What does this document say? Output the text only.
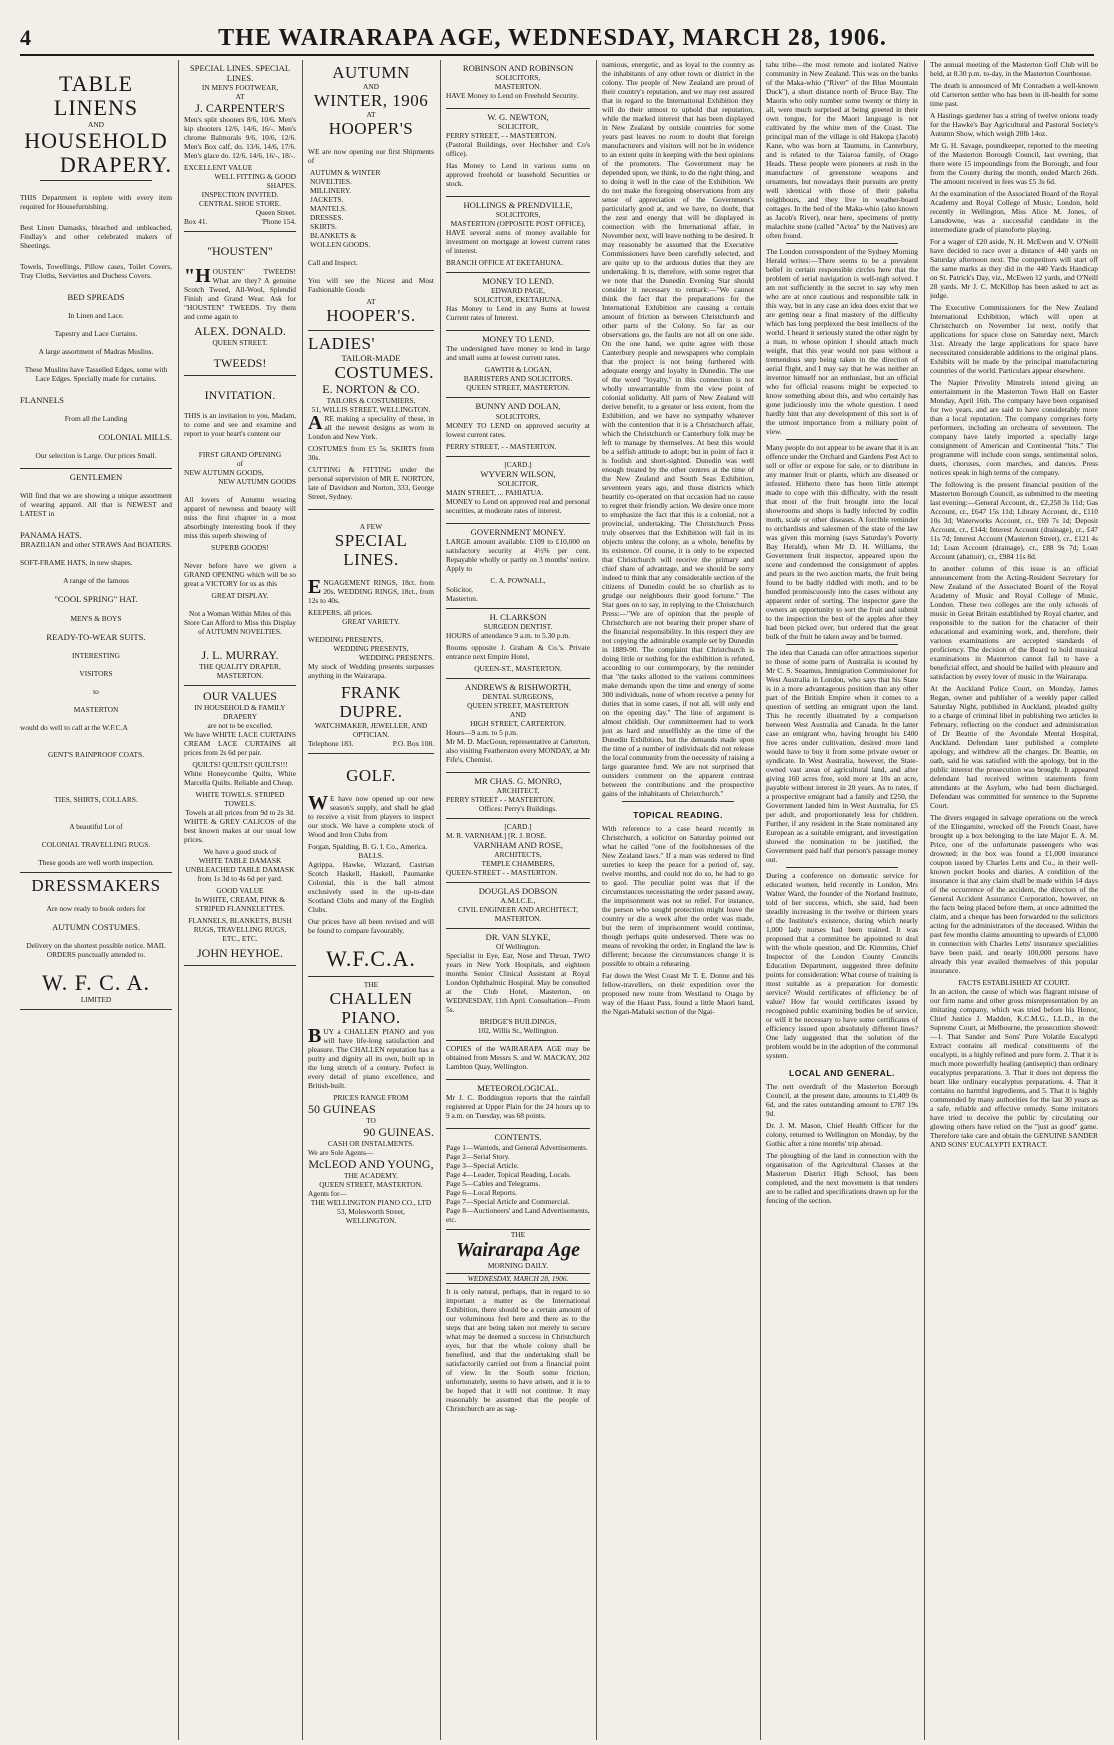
4	THE WAIRARAPA AGE, WEDNESDAY, MARCH 28, 1906.
TABLE LINENS
AND
HOUSEHOLD
DRAPERY.

THIS Department is replete with every item required for Housefurnishing.

Best Linen Damasks, bleached and unbleached, Findlay's and other celebrated makers of Sheetings.

Towels, Towellings, Pillow cases, Toilet Covers, Tray Cloths, Serviettes and Duchess Covers.

BED SPREADS
In Linen and Lace.
Tapestry and Lace Curtains.
A large assortment of Madras Muslins.

These Muslins have Tasselled Edges, some with Lace Edges. Specially made for curtains.

FLANNELS
From all the Landing
COLONIAL MILLS.

Our selection is Large. Our prices Small.

GENTLEMEN

Will find that we are showing a unique assortment of wearing apparel. All that is NEWEST and LATEST in

PANAMA HATS.
BRAZILIAN and other STRAWS And BOATERS.
SOFT-FRAME HATS, in new shapes.
A range of the famous
"COOL SPRING" HAT.
MEN'S & BOYS
READY-TO-WEAR SUITS.
INTERESTING
VISITORS
to
MASTERTON
would do well to call at the W.F.C.A
GENT'S RAINPROOF COATS.
TIES, SHIRTS, COLLARS.
A beautiful Lot of
COLONIAL TRAVELLING RUGS.
These goods are well worth inspection.
DRESSMAKERS
Are now ready to book orders for
AUTUMN COSTUMES.

Delivery on the shortest possible notice. MAIL ORDERS punctually attended to.

W. F. C. A.
LIMITED
SPECIAL LINES. SPECIAL LINES.
IN MEN'S FOOTWEAR,
AT
J. CARPENTER'S

Men's split shooters 8/6, 10/6. Men's kip shooters 12/6, 14/6, 16/-. Men's chrome Balmorals 9/6, 10/6, 12/6. Men's Box calf, do. 13/6, 14/6, 17/6. Men's glace do. 12/6, 14/6, 16/-, 18/-.

EXCELLENT VALUE
WELL FITTING & GOOD SHAPES.
INSPECTION INVITED.
CENTRAL SHOE STORE.
Queen Street.
Box 41.	'Phone 154.
"HOUSTEN"

"HOUSTEN" TWEEDS! What are they? A genuine Scotch Tweed, All-Wool, Splendid Finish and Grand Wear. Ask for "HOUSTEN" TWEEDS. Try them and come again to

ALEX. DONALD.
QUEEN STREET.
TWEEDS!
INVITATION.

THIS is an invitation to you, Madam, to come and see and examine and report to your heart's content our

FIRST GRAND OPENING
of
NEW AUTUMN GOODS,
NEW AUTUMN GOODS

All lovers of Autumn wearing apparel of newness and beauty will miss the first chapter in a most absorbingly interesting book if they miss this superb showing of

SUPERB GOODS!

Never before have we given a GRAND OPENING which will be so great a VICTORY for us as this

GREAT DISPLAY.

Not a Woman Within Miles of this Store Can Afford to Miss this Display of AUTUMN NOVELTIES.

J. L. MURRAY.
THE QUALITY DRAPER,
MASTERTON.
OUR VALUES
IN HOUSEHOLD & FAMILY DRAPERY
are not to be excelled.

We have WHITE LACE CURTAINS CREAM LACE CURTAINS all prices from 2s 6d per pair.

QUILTS! QUILTS!! QUILTS!!!

White Honeycombe Quilts, White Marcella Quilts. Reliable and Cheap.

WHITE TOWELS. STRIPED TOWELS.
Towels at all prices from 9d to 2s 3d.

WHITE & GREY CALICOS of the best known makes at our usual low prices.

We have a good stock of

WHITE TABLE DAMASK UNBLEACHED TABLE DAMASK from 1s 3d to 4s 6d per yard.

GOOD VALUE

In WHITE, CREAM, PINK & STRIPED FLANNELETTES.

FLANNELS, BLANKETS, BUSH RUGS, TRAVELLING RUGS, ETC., ETC.

JOHN HEYHOE.
AUTUMN
AND
WINTER, 1906
AT
HOOPER'S

WE are now opening our first Shipments of

AUTUMN & WINTER
NOVELTIES.
MILLINERY.
JACKETS.
MANTELS.
DRESSES.
SKIRTS.
BLANKETS &
WOLLEN GOODS.
Call and Inspect.

You will see the Nicest and Most Fashionable Goods

AT
HOOPER'S.
LADIES'
TAILOR-MADE
COSTUMES.
E. NORTON & CO.
TAILORS & COSTUMIERS,
51, WILLIS STREET, WELLINGTON.

ARE making a speciality of these, in all the newest designs as worn in London and New York.

COSTUMES from £5 5s. SKIRTS from 30s.

CUTTING & FITTING under the personal supervision of MR E. NORTON, late of Davidson and Norton, 333, George Street, Sydney.

A FEW
SPECIAL LINES.

ENGAGEMENT RINGS, 18ct. from 20s. WEDDING RINGS, 18ct., from 12s to 40s.

KEEPERS, all prices.
GREAT VARIETY.
WEDDING PRESENTS,
WEDDING PRESENTS,
WEDDING PRESENTS.

My stock of Wedding presents surpasses anything in the Wairarapa.

FRANK DUPRE.
WATCHMAKER, JEWELLER, AND OPTICIAN.
Telephone 183.	P.O. Box 108.
GOLF.

WE have now opened up our new season's supply, and shall be glad to receive a visit from players to inspect our stock. We have a complete stock of Wood and Iron Clubs from

Forgan, Spalding, B. G. I. Co., America.
BALLS.

Agrippa, Hawke, Wizzard, Castrian Scotch Haskell, Haskell, Paumanke Colonial, this is the ball almost exclusively used in the up-to-date Scotland Clubs and many of the English Clubs.

Our prices have all been revised and will be found to compare favourably.

W.F.C.A.
THE
CHALLEN PIANO.

BUY a CHALLEN PIANO and you will have life-long satisfaction and pleasure. The CHALLEN reputation has a purity and dignity all its own, built up in the long stretch of a century. Perfect in every detail of piano excellence, and British-built.

PRICES RANGE FROM
50 GUINEAS
TO
90 GUINEAS.
CASH OR INSTALMENTS.
We are Sole Agents—
McLEOD AND YOUNG,
THE ACADEMY.
QUEEN STREET, MASTERTON.
Agents for—
THE WELLINGTON PIANO CO., LTD
53, Molesworth Street,
WELLINGTON.
ROBINSON AND ROBINSON
SOLICITORS,
MASTERTON.

HAVE Money to Lend on Freehold Security.

W. G. NEWTON,
SOLICITOR,
PERRY STREET, - - MASTERTON.

(Pastoral Buildings, over Hechsher and Co's office).

Has Money to Lend in various sums on approved freehold or leasehold Securities or stock.

HOLLINGS & PRENDVILLE,
SOLICITORS,
MASTERTON (OPPOSITE POST OFFICE),

HAVE several sums of money available for investment on mortgage at lowest current rates of interest.

BRANCH OFFICE AT EKETAHUNA.
MONEY TO LEND.
EDWARD PAGE,
SOLICITOR, EKETAHUNA.

Has Money to Lend in any Sums at lowest Current rates of Interest.

MONEY TO LEND.

The undersigned have money to lend in large and small sums at lowest current rates.

GAWITH & LOGAN,
BARRISTERS AND SOLICITORS.
QUEEN STREET, MASTERTON.
BUNNY AND DOLAN,
SOLICITORS,

MONEY TO LEND on approved security at lowest current rates.

PERRY STREET, - - MASTERTON.
[CARD.]
WYVERN WILSON,
SOLICITOR,
MAIN STREET, ... PAHIATUA.

MONEY to Lend on approved real and personal securities, at moderate rates of interest.

GOVERNMENT MONEY.

LARGE amount available. £109 to £10,000 on satisfactory security at 4½% per cent. Repayable wholly or partly on 3 months' notice. Apply to

C. A. POWNALL,
Solicitor,
Masterton.
H. CLARKSON
SURGEON DENTIST.

HOURS of attendance 9 a.m. to 5.30 p.m.

Rooms opposite J. Graham & Co.'s. Private entrance next Empire Hotel,

QUEEN-ST., MASTERTON.
ANDREWS & RISHWORTH,
DENTAL SURGEONS,
QUEEN STREET, MASTERTON
AND
HIGH STREET, CARTERTON.
Hours—9 a.m. to 5 p.m.

Mr M. D. MacGoun, representative at Carterton, also visiting Featherston every MONDAY, at Mr Fife's, Chemist.

MR CHAS. G. MONRO,
ARCHITECT,
PERRY STREET - - MASTERTON.
Offices: Perry's Buildings.
[CARD.]
M. R. VARNHAM.] [R. J. ROSE.
VARNHAM AND ROSE,
ARCHITECTS,
TEMPLE CHAMBERS,
QUEEN-STREET - - MASTERTON.
DOUGLAS DOBSON
A.M.I.C.E.,
CIVIL ENGINEER AND ARCHITECT,
MASTERTON.
DR. VAN SLYKE,
Of Wellington.

Specialist in Eye, Ear, Nose and Throat, TWO years in New York Hospitals, and eighteen months Senior Clinical Assistant at Royal London Ophthalmic Hospital. May be consulted at the Club Hotel, Masterton, on WEDNESDAY, 11th April. Consultation—From 5s.

BRIDGE'S BUILDINGS,
102, Willis St., Wellington.

COPIES of the WAIRARAPA AGE may be obtained from Messrs S. and W. MACKAY, 202 Lambton Quay, Wellington.

METEOROLOGICAL.

Mr J. C. Boddington reports that the rainfall registered at Upper Plain for the 24 hours up to 9 a.m. on Tuesday, was 68 points.

CONTENTS.
Page 1—Wanteds, and General Advertisements.
Page 2—Serial Story.
Page 3—Special Article.
Page 4—Leader, Topical Reading, Locals.
Page 5—Cables and Telegrams.
Page 6—Local Reports.
Page 7—Special Article and Commercial.
Page 8—Auctioneers' and Land Advertisements, etc.
THE
Wairarapa Age
MORNING DAILY.
WEDNESDAY, MARCH 28, 1906.

It is only natural, perhaps, that in regard to so important a matter as the International Exhibition, there should be a certain amount of our voluminous feel here and there as to the steps that are being taken not merely to secure what may be deemed a success in Christchurch eyes, but that the whole colony shall be benefited, and that the undertaking shall be satisfactorily carried out from a financial point of view. In the South some friction, unfortunately, seems to have arisen, and it is to be hoped that it will not continue. It may reasonably be assumed that the people of Christchurch are as sag-

namious, energetic, and as loyal to the country as the inhabitants of any other town or district in the colony. The people of New Zealand are proud of their country's reputation, and we may rest assured that in regard to the International Exhibition they will do their utmost to uphold that reputation, while the marked interest that has been displayed in New Zealand by outside countries for some years past leaves no room to doubt that foreign manufacturers and visitors will not be in evidence to an extent quite in keeping with the best opinions of the promoters. The Government may be depended upon, we think, to do the right thing, and to doing it well in the case of the Exhibition. We do not make the foregoing observations from any sense of appreciation of the Government's particularly good at, and we have, no doubt, that the zest and energy that will be displayed in connection with the International affair, in November next, will leave nothing to be desired. It may reasonably be assumed that the Executive Commissioners have been carefully selected, and are quite up to the arduous duties that they are undertaking. It is, therefore, with some regret that we note that the Dunedin Evening Star should consider it necessary to remark:—"We cannot think the fact that the preparations for the International Exhibition are causing a certain amount of friction as between Christchurch and other parts of the Colony. So far as our observations go, the faults are not all on one side. On the one hand, we quite agree with those Canterbury people and newspapers who complain that the project is not being furthered with adequate energy and loyalty in Dunedin. The use of the word "loyalty," in this connection is not wholly unwarrantable from the view point of colonial solidarity. All parts of New Zealand will derive benefit, to a greater or less extent, from the Exhibition, and we have no sympathy whatever with the contention that it is a Christchurch affair, which the Christchurch or Canterbury folk may be left to manage by themselves. At best this would be a selfish attitude to adopt; but in point of fact it is foolish and short-sighted. Dunedin was well enough treated by the other centres at the time of the New Zealand and South Seas Exhibition, seventeen years ago, and those districts which heartily co-operated on that occasion had no cause to regret their friendly action. We desire once more to emphasize the fact that this is a colonial, not a provincial, undertaking. The Christchurch Press truly observes that the Exhibition will fail in its objects unless the colony, as a whole, benefits by its existence. Of course, it is only to be expected that Christchurch will receive the primary and chief share of advantage, and we should be sorry indeed to think that any considerable section of the citizens of Dunedin could be so churlish as to grudge our neighbours their good fortune." The Star goes on to say, in replying to the Christchurch Press:—"We are of opinion that the people of Christchurch are not bearing their proper share of the financial responsibility. In this respect they are not copying the admirable example set by Dunedin in 1889-90. The complaint that Christchurch is doing little or nothing for the exhibition is refuted, according to our contemporary, by the reminder that "the tasks allotted to the various committees make demands upon the time and energy of some 300 individuals, none of whom receive a penny for duties that in some cases, if not all, will only end on the opening day." The line of argument is almost childish. Our committeemen had to work just as hard and unselfishly as the time of the Dunedin Exhibition, but the demands made upon the time of a number of individuals did not release the local community from the necessity of raising a large guarantee fund. We are not surprised that outsiders comment on the apparent contrast between the contributions and the prospective gains of the inhabitants of Christchurch."

TOPICAL READING.

With reference to a case heard recently in Christchurch, a solicitor on Saturday pointed out what he called "one of the foolishnesses of the New Zealand laws." If a man was ordered to find sureties to keep the peace for a period of, say, twelve months, and could not do so, he had to go to gaol. The peculiar point was that if the circumstances necessitating the order passed away, the imprisonment was not so relief. For instance, the person who sought protection might leave the country or die a week after the order was made, but the term of imprisonment would continue, though perhaps quite undeserved. There was no means of revoking the order, in England the law is different; because the circumstances change it is possible to obtain a rehearing.

Far down the West Coast Mr T. E. Donne and his fellow-travellers, on their expedition over the proposed new route from Westland to Otago by way of the Haast Pass, found a little Maori band, the Ngati-Mahaki section of the Ngai-

tahu tribe—the most remote and isolated Native community in New Zealand. This was on the banks of the Maka-whio ("River" of the Blue Mountain Duck"), a short distance north of Bruce Bay. The Maoris who only number some twenty or thirty in all, were much surprised at being greeted in their own tongue, for the Maori language is not cultivated by the white men of the Coast. The principal man of the village is old Hakopa (Jacob) Kane, who was born at Taumutu, in Canterbury, and is related to the Taiaroa family, of Otago Heads. These people were pioneers at rush in the manufacture of greenstone weapons and ornaments, but nowadays their pursuits are pretty well identical with those of their pakeha neighbours, and they live in weather-board cottages. In the bed of the Maka-whio (also known as Jacob's River), near here, specimens of pretty malachite stone (called "Actea" by the Natives) are often found.

The London correspondent of the Sydney Morning Herald writes:—There seems to be a prevalent belief in certain responsible circles here that the problem of serial navigation is well-nigh solved. I am not sufficiently in the secret to say why men who are at once cautious and responsible talk in this way, but in any case an idea does exist that we are getting near a final mastery of the difficulty which has long perplexed the best intellects of the world. I heard it seriously stated the other night by a man, to whose opinion I should attach much weight, that this year would not pass without a tremendous step being taken in the direction of aerial flight, and I may say that he was neither an inventor himself nor an enthusiast, but an official who for official reasons might be expected to know something about this, and who certainly has gone judiciously into the whole question. I need hardly hint that any development of this sort is of the utmost importance from a military point of view.

Many people do not appear to be aware that it is an offence under the Orchard and Gardens Pest Act to sell or offer or expose for sale, or to distribute in any manner fruit or plants, which are diseased or infested. Hitherto there has been little attempt made to cope with this difficulty, with the result that most of the fruit brought into the local showrooms and shops is badly infected by codlin moth, scale or other diseases. A forcible reminder to orchardists and salesmen of the state of the law was given this morning (says Saturday's Poverty Bay Herald), when Mr D. H. Williams, the Government fruit inspector, appeared upon the scene and condemned the consignment of apples and pears in the two auction marts, the fruit being found to be badly riddled with moth, and to be bundled promiscuously into the cases without any apparent order of sorting. The inspector gave the owners an opportunity to sort the fruit and submit to the inspection the best of the apples after they had been picked over, but ordered that the great bulk of the fruit be taken away and be burned.

The idea that Canada can offer attractions superior to those of some parts of Australia is scouted by Mr C. S. Seaamus, Immigration Commissioner for West Australia in London, who says that his State is in a more advantageous position than any other part of the British Empire when it comes to a question of settling an emigrant upon the land. This he recently illustrated by a comparison between West Australia and Canada. In the latter case an emigrant who, having brought his £400 free acres under cultivation, desired more land would have to buy it from some private owner or syndicate. In West Australia, however, the State-owned vast areas of agricultural land, and after giving 160 acres free, sold more at 10s an acre, payable without interest in 20 years. As to rates, if a prospective emigrant had a family and £250, the Government landed him in West Australia, for £5 per adult, and proportionately less for children. Further, if any resident in the State nominated any European as a suitable emigrant, and investigation showed the nomination to be justified, the Government paid half that person's passage money out.

During a conference on domestic service for educated women, held recently in London, Mrs Walter Ward, the founder of the Norland Institute, told of her success, which, she said, had been steadily increasing in the twelve or thirteen years of the Institute's existence, during which nearly 1,000 lady nurses had been trained. It was proposed that a committee be appointed to deal with the whole question, and Dr. Kimmins, Chief Inspector of the London County Councils Education Department, suggested three definite points for consideration: What course of training is most suitable as a preparation for domestic service? Would certificates of efficiency be of value? How far would certificates issued by recognised public examining bodies be of service, or will it be necessary to have some certificates of efficiency issued upon absolutely different lines? One lady suggested that the solution of the problem would be in the adoption of the communal system.

LOCAL AND GENERAL.

The nett overdraft of the Masterton Borough Council, at the present date, amounts to £1,409 0s 6d, and the rates outstanding amount to £787 19s 9d.

Dr. J. M. Mason, Chief Health Officer for the colony, returned to Wellington on Monday, by the Gothic after a nine months' trip abroad.

The ploughing of the land in connection with the organisation of the Agricultural Classes at the Masterton District High School, has been completed, and the next movement is that tenders are to be called and specifications drawn up for the fencing of the section.

The annual meeting of the Masterton Golf Club will be held, at 8.30 p.m. to-day, in the Masterton Courthouse.

The death is announced of Mr Conradsen a well-known old Carterton settler who has been in ill-health for some time past.

A Hastings gardener has a string of twelve onions ready for the Hawke's Bay Agricultural and Pastoral Society's Autumn Show, which weigh 20lb 14oz.

Mr G. H. Savage, poundkeeper, reported to the meeting of the Masterton Borough Council, last evening, that there were 15 impoundings from the Borough, and four from the County during the month, ended March 26th. The amount received in fees was £5 3s 6d.

At the examination of the Associated Board of the Royal Academy and Royal College of Music, London, held recently in Wellington, Miss Alice M. Jones, of Lansdowne, was a successful candidate in the intermediate grade of pianoforte playing.

For a wager of £20 aside, N. H. McEwen and V. O'Neill have decided to race over a distance of 440 yards on Saturday afternoon next. The competitors will start off the same marks as they did in the 440 Yards Handicap on St. Patrick's Day, viz., McEwen 12 yards, and O'Neill 28 yards. Mr J. C. McKillop has been asked to act as judge.

The Executive Commissioners for the New Zealand International Exhibition, which will open at Christchurch on November 1st next, notify that applications for space close on Saturday next, March 31st. Already the large applications for space have necessitated considerable additions to the original plans. Exhibits will be made by the principal manufacturing countries of the world. Particulars appear elsewhere.

The Napier Privolity Minstrels intend giving an entertainment in the Masterton Town Hall on Easter Monday, April 16th. The company have been organised for two years, and are said to have considerably more than a local reputation. The company comprises forty performers, including an orchestra of seventeen. The company have lately imported a specially large consignment of American and Continental "hits." The programme will include coon songs, sentimental solos, duets, choruses, coon marches, and dances. Press notices speak in high terms of the company.

The following is the present financial position of the Masterton Borough Council, as submitted to the meeting last evening:—General Account, dr., £2,258 3s 11d; Gas Account, cr., £647 15s 11d; Library Account, dr., £110 10s 3d; Waterworks Account, cr., £69 7s 1d; Deposit Account, cr., £144; Interest Account (drainage), cr., £47 11s 7d; Interest Account (Masterton Street), cr., £121 4s 1d; Loan Account (drainage), cr., £88 9s 7d; Loan Account (abattoir), cr., £984 11s 8d.

In another column of this issue is an official announcement from the Acting-Resident Secretary for New Zealand of the Associated Board of the Royal Academy of Music and Royal College of Music, London. These two colleges are the only schools of music in Great Britain established by Royal charter, and responsible to the nation for the character of their educational and examining work, and, therefore, their various examinations are accepted standards of proficiency. The decision of the Board to hold musical examinations in Masterton cannot fail to have a beneficial effect, and should be hailed with pleasure and satisfaction by every lover of music in the Wairarapa.

At the Auckland Police Court, on Monday, James Regan, owner and publisher of a weekly paper called Saturday Night, published in Auckland, pleaded guilty to a charge of criminal libel in publishing two articles in February, reflecting on the conduct and administration of Dr Beattie of the Avondale Mental Hospital, Auckland. Defendant later published a complete apology, and withdrew all the charges. Dr. Beattie, on oath, said he was satisfied with the apology, but in the public interest the prosecution was brought. It appeared defendant had received written statements from attendants at the Asylum, who had been discharged. Defendant was committed for sentence to the Supreme Court.

The divers engaged in salvage operations on the wreck of the Elingamite, wrecked off the French Coast, have brought up a box belonging to the late Major E. A. M. Price, one of the unfortunate passengers who was drowned; in the box was found a £1,000 insurance coupon issued by Charles Letts and Co., in their well-known pocket books and diaries. A condition of the insurance is that any claim shall be made within 14 days of the occurrence of the accident, the directors of the General Accident Assurance Corporation, however, on the facts being placed before them, at once admitted the claim, and a cheque has been forwarded to the solicitors acting for the administrators of the deceased. Within the past few months claims amounting to upwards of £3,000 in connection with Charles Letts' insurance specialities have been paid, and nearly 100,000 persons have already this year availed themselves of this popular insurance.

FACTS ESTABLISHED AT COURT.

In an action, the cause of which was flagrant misuse of our firm name and other gross misrepresentation by an imitating company, which was tried before his Honor, Chief Justice J. Madden, K.C.M.G., LL.D., in the Supreme Court, at Melbourne, the prosecution showed:—1. That Sander and Sons' Pure Volatile Eucalypti Extract contains all medical constituents of the eucalypti, in a highly refined and pure form. 2. That it is much more powerfully healing (antiseptic) than ordinary eucalyptus preparations. 3. That it does not depress the heart like ordinary eucalyptus preparations. 4. That it contains no harmful ingredients, and 5. That it is highly commended by many authorities for the last 30 years as a safe, reliable and effective remedy. Some imitators have tried to deceive the public by circulating our glowing others have relied on the "just as good" game. Therefore take care and obtain the GENUINE SANDER AND SONS' EUCALYPTI EXTRACT.
